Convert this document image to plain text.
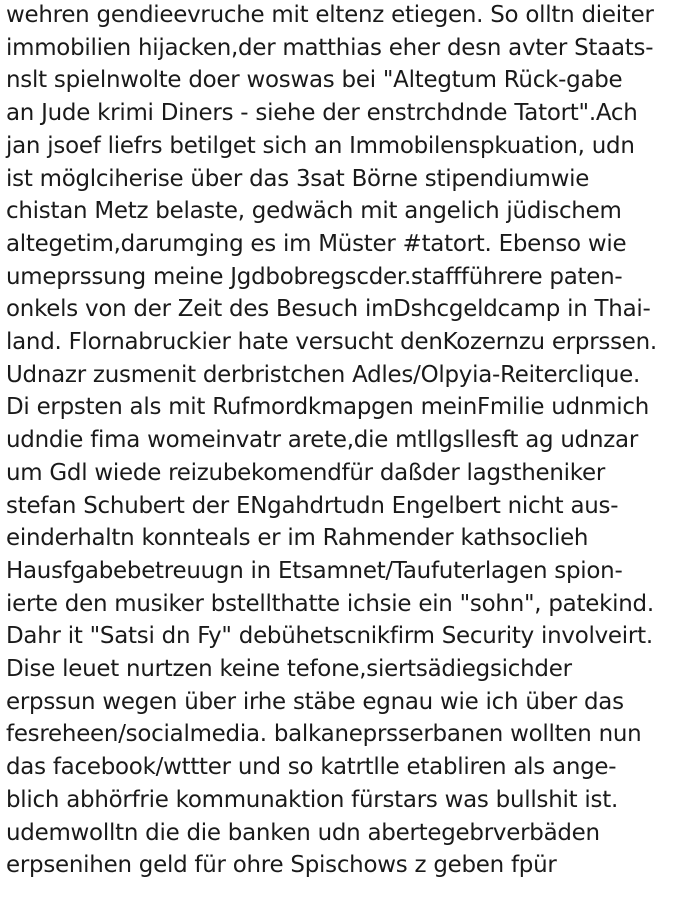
wehren gendieevruche mit eltenz etiegen. So olltn dieiter
immobilien hijacken,der matthias eher desn avter Staats-
nslt spielnwolte doer woswas bei "Altegtum Rück-gabe
an Jude krimi Diners - siehe der enstrchdnde Tatort".Ach
jan jsoef liefrs betilget sich an Immobilenspkuation, udn
ist möglciherise über das 3sat Börne stipendiumwie
chistan Metz belaste, gedwäch mit angelich jüdischem
altegetim,darumging es im Müster #tatort. Ebenso wie
umeprssung meine Jgdbobregscder.staffführere paten-
onkels von der Zeit des Besuch imDshcgeldcamp in Thai-
land. Flornabruckier hate versucht denKozernzu erprssen.
Udnazr zusmenit derbristchen Adles/Olpyia-Reiterclique.
Di erpsten als mit Rufmordkmapgen meinFmilie udnmich
udndie fima womeinvatr arete,die mtllgsllesft ag udnzar
um Gdl wiede reizubekomendfür daßder lagstheniker
stefan Schubert der ENgahdrtudn Engelbert nicht aus-
einderhaltn konnteals er im Rahmender kathsoclieh
Hausfgabebetreuugn in Etsamnet/Taufuterlagen spion-
ierte den musiker bstellthatte ichsie ein "sohn", patekind.
Dahr it "Satsi dn Fy" debühetscnikfirm Security involveirt.
Dise leuet nurtzen keine tefone,siertsädiegsichder
erpssun wegen über irhe stäbe egnau wie ich über das
fesreheen/socialmedia. balkaneprsserbanen wollten nun
das facebook/wttter und so katrtlle etabliren als ange-
blich abhörfrie kommunaktion fürstars was bullshit ist.
udemwolltn die die banken udn abertegebrverbäden
erpsenihen geld für ohre Spischows z geben fpür
